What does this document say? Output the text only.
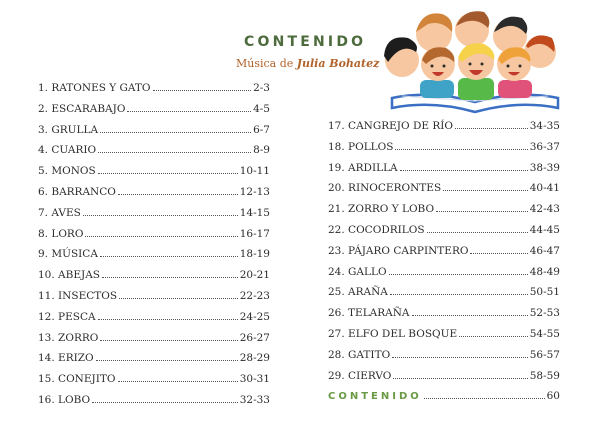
CONTENIDO
Música de Julia Bohatez
1. RATONES Y GATO	2-3
2. ESCARABAJO	4-5
3. GRULLA	6-7
4. CUARIO	8-9
5. MONOS	10-11
6. BARRANCO	12-13
7. AVES	14-15
8. LORO	16-17
9. MÚSICA	18-19
10. ABEJAS	20-21
11. INSECTOS	22-23
12. PESCA	24-25
13. ZORRO	26-27
14. ERIZO	28-29
15. CONEJITO	30-31
16. LOBO	32-33
17. CANGREJO DE RÍO	34-35
18. POLLOS	36-37
19. ARDILLA	38-39
20. RINOCERONTES	40-41
21. ZORRO Y LOBO	42-43
22. COCODRILOS	44-45
23. PÁJARO CARPINTERO	46-47
24. GALLO	48-49
25. ARAÑA	50-51
26. TELARAÑA	52-53
27. ELFO DEL BOSQUE	54-55
28. GATITO	56-57
29. CIERVO	58-59
CONTENIDO	60
